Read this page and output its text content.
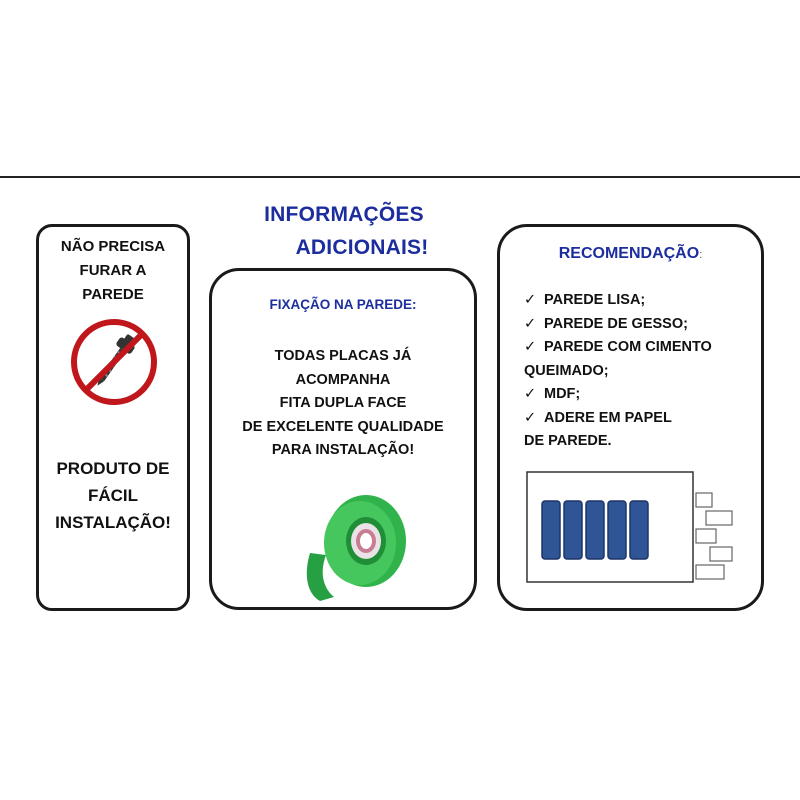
INFORMAÇÕES
ADICIONAIS!
NÃO PRECISA
FURAR A
PAREDE
PRODUTO DE
FÁCIL
INSTALAÇÃO!
FIXAÇÃO NA PAREDE:
TODAS PLACAS JÁ
ACOMPANHA
FITA DUPLA FACE
DE EXCELENTE QUALIDADE
PARA INSTALAÇÃO!
RECOMENDAÇÃO:
✓ PAREDE LISA;
✓ PAREDE DE GESSO;
✓ PAREDE COM CIMENTO
QUEIMADO;
✓ MDF;
✓ ADERE EM PAPEL
DE PAREDE.
